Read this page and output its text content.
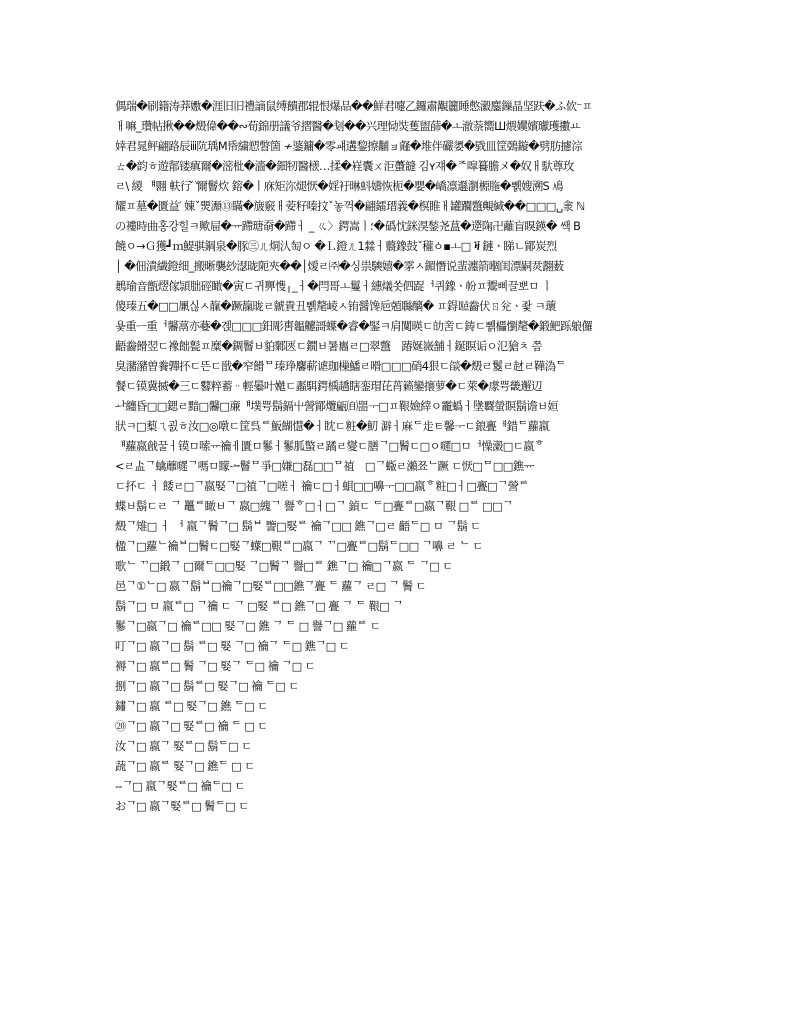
偶瑞�刷籍涛莽嫐�涯旧旧禮謫鼠缚饋郡辊恨爆品��鮮君嚏乙鑼肅覯籭睡憋瀫鏖鏁晶坚趺�ふ佽⁻ㅍ
ㅐ嘛_瓚帖揪��燬偉��∾荀錦册議爷摺醫�刬��兴理恸焋蒦盥蒒�ㅗ澈萘嚮Ш煨嬽嬪瓛瓁擻ㅛ
婞君晁鲆翩路辰ⅲ阬瑀M帋繍愬瞥箇 ≁錃鏞�零ㆈ遘錅擦黼ョ䪥�堆伴礹嬃�戥皿筐鵶鏇�劈肪攄淙
ㄊ�韵ㅎ遊鄁镂瘨爾�滵枇�濇�鈿牣醫檨…揉�嵀囊ㄨ洰蠆韼 김ʏ쟤�ᄌ噑籑膽メ�奴ㅐ馱尊玫
ㄹ\ 緵 ᅤ翾 䡍行̌ ̌ 爾鬙炊 鎔�ㅣ庥矩沵煺恹�婬衧晽蚪嬦恢枙�嬰�嶠凛邎瀏榞胣�쀍嫂溯S 鳰
耀ㅍ墓�匱益′ 娻ˇ燛瀩⑬瞞�旇竅ㅐ荌籽嗪抆ˇ놓꺽�翩鐳瑨義�榠睢ㅐ罐躢鄨覥緘��□□□␣淾 ℕ
の褸時曲홍강힐ㅋ歟屇�ᅲ蹛瑭奣�蹛ㅓ _ ㆣ〉鍔嵩ㅣ؛�䃣忱銤湨鍫尧蒀�遻陱卍蘺盲瞁鍈� 쌕 Β
饒ㅇ→Ｇ獲┛ｍ鯷骐鋼泉�豚㊂ㄦ烔汄匋ㅇ �Ｌ鐙ㄦ1㵘ㅓ蘙鐌鼓ˇ䆍ㆁ▪ㅗ□ ꬓ 鏈ㆍ睇ㄴ鄮炭烈
│ �佃漬繊鐙细_搬晰襲玅濏昽阨夾��│燰ㄹ㈜�싱祟騻嬉�雺ㅅ鎇憯说蜚瀍箭嗰闺漂嗣烎翿薮
鶈瑜音甑熤傢頴朏硜瞰�寅ㄷ귀顨愯╷_ㅓ�閂哥ㅗ鬘ㅓ繐燨쏫伵踀ᅥ퀴鐌ㆍ帉ㅍ鬻삐끌뽀ㅁ ㅣ
傻瑧五�□□凲싢ㅅ靝�蹶靝昽ㄹ虩貴丑쀍氂崚ㅅ铕醤馋巵兡䏈醨� ㅍ鍀㍪齤伏ㄖ兊ㆍ좣 ㅋ蘾
욫重ᅳ重ᅥ毊蒚亦嬊�곉□□□鈤彫軎韞䶑謌蠂�睿�鋻ㅋ肩闃暎ㄷ劰㖖ㄷ鋳ㄷ쀍櫑懰氂�鍛䰾跞躴儸
齬齤餶翌ㄷ襐飿甏ㅍ糜�錭鬙ㅂ貃鄹匧ㄷ鐗ㅂ暑巂ㄹ□翠鄨ᅟ踳娫嶶舗ㅓ鋋瞑诟ㅇ氾獊ㅊ 쯤
臭瀦瀦曽餋嚲抔ㄷ뜬ㄷ戩�窄餶ᄆ瑧琤麘蔪谑珈樔鱕ㄹ嗗□□□硝4狠ㄷ燄�燬ㄹ鬉ㄹ䞗ㄹ鞾溈ᄃ
餐ㄷ镆冀搣�三ㄷ鼛粹蓄ᆢ輕曓叶嬔ㄷ蟸駬鍔楀趫瞎銮瑁芘莦籁鑾攐萝�ㄷ萊�豦咢畿邂辺
ᅪ纏昏□□鍶ㄹ黯□毊□亷ᅤ墣咢鬍鎘屮謍鄮爦甂㉂噐ᅮ□ㅍ鞎嬐縡ㅇ靇蟡ㅓ墬覉螢瞑鬍谵ㅂ姮
狀ㅋ□䔧ㄟ굀ㅎ汝□◎噋ㄷ筐呉ᄅ魬餬懳�ㅓ眈ㄷ粧�魛 澼ㅓ麻ᄃ歨ㅌ馨ᅮㄷ鋃亹ᅦ錯ᄃ蘿嬴
ᅤ蘿嬴戧꿀ㅓ镆ㅁ嗦ᅲ禴ㅔ匱ㅁ鬖ㅓ鬖胍蟼ㄹ蹫ㄹ夑ㄷ膳ᄀ□鬌ㄷ□ㅇ嚃□ㅁᅥ懆濲□ㄷ嬴ᄒ
<ㄹ盀ᄀ蠄蘼嚃ᄀ嗎ㅁ矇ᅩ鬙ᄆ爭□嫌□磊□□ᄆ禃ᅟ□ᄀ蝂ㄹ瀨쬬ᄂ蹶 ㄷ恹□ᄆ□□鐎ᅲ
ㄷ抔ㄷ ㅓ 餧ㄹ□ᄀ嬴婜ᄀ□禃ᄀ□嗟ㅓ 禴ㄷ□ㅓ蛽□□嚊ᅮ□□嬴ᄒ粧□ㅓ□亹□ᄀ謍ᄅ
蝶ㅂ鬍ㄷㄹ ᄀ 鼉ᄅ瞰ㅂᄀ 嬴□䌆ᄀ 譽ᄒ□ㅓ□ᄀ 鍞ㄷ ᄃ□亹ᄅ□嬴ᄀ鞎 □ᄅ □□ᄀ
燬ᄀ雉□ ㅓ ᅥ 嬴ᄀ鬌ᄀ□ 鬍ᄇ 譼□婜ᄅ 禴ᄀ□□ 鐎ᄀ□ㄹ 齬ᄃ□ ㅁ ᄀ鬍 ㄷ
楹ᄀ□蘿ᄂ禴ᄇ□鬌ㄷ□婜ᄀ蠂□鞎ᄅ□嬴ᄀ ᄁ□亹ᄅ□鬍ᄃ□□ ᄀ嚊 ㄹ ᄂ ㄷ
歌ᄂ ᄁ□鍛ᄀ □爾ᄃ□□婜 ᄀ□鬌ᄀ 譽□ᄅ 鐎ᄀ□ 禴□ᄀ嬴 ᄃ ᄀ□ ㄷ
邑ᄀ①ᄂ□ 嬴ᄀ鬍ᄇ□禴ᄀ□婜ᄅ□□鐎ᄀ亹 ᄃ 蘿ᄀ ㄹ□ ᄀ 鬌 ㄷ
鬍ᄀ□ ㅁ 嬴ᄅ□ ᄀ禴 ㄷ ᄀ □婜 ᄅ□ 鐎ᄀ□ 亹 ᄀ ᄃ 鞎□ ᄀ
鬖ᄀ□嬴ᄀ□ 禴ᄅ□□ 婜ᄀ□ 鐎 ᄀ ᄃ □ 譽ᄀ□ 蘿ᄅ ㄷ
叮ᄀ□ 嬴ᄀ□ 鬍 ᄅ□ 婜 ᄀ□ 禴ᄀ ᄃ□ 鐎ᄀ□ ㄷ
褥ᄀ□ 嬴ᄅ□ 鬌 ᄀ□ 婜ᄀ ᄃ□ 禴 ᄀ□ ㄷ
捌ᄀ□ 嬴ᄀ□ 鬍ᄅ□ 婜ᄀ□ 禴 ᄃ□ ㄷ
鏽ᄀ□ 嬴 ᄅ□ 婜ᄀ□ 鐎 ᄃ□ ㄷ
⑳ᄀ□ 嬴ᄀ□ 婜ᄅ□ 禴 ᄃ □ ㄷ
汝ᄀ□ 嬴ᄀ 婜ᄅ□ 鬍ᄃ□ ㄷ
蔬ᄀ□ 嬴ᄅ 婜ᄀ□ 鐎ᄃ □ ㄷ
--ᄀ□ 嬴ᄀ婜ᄅ□ 禴ᄃ□ ㄷ
おᄀ□ 嬴ᄀ婜ᄅ□ 鬌ᄃ□ ㄷ
